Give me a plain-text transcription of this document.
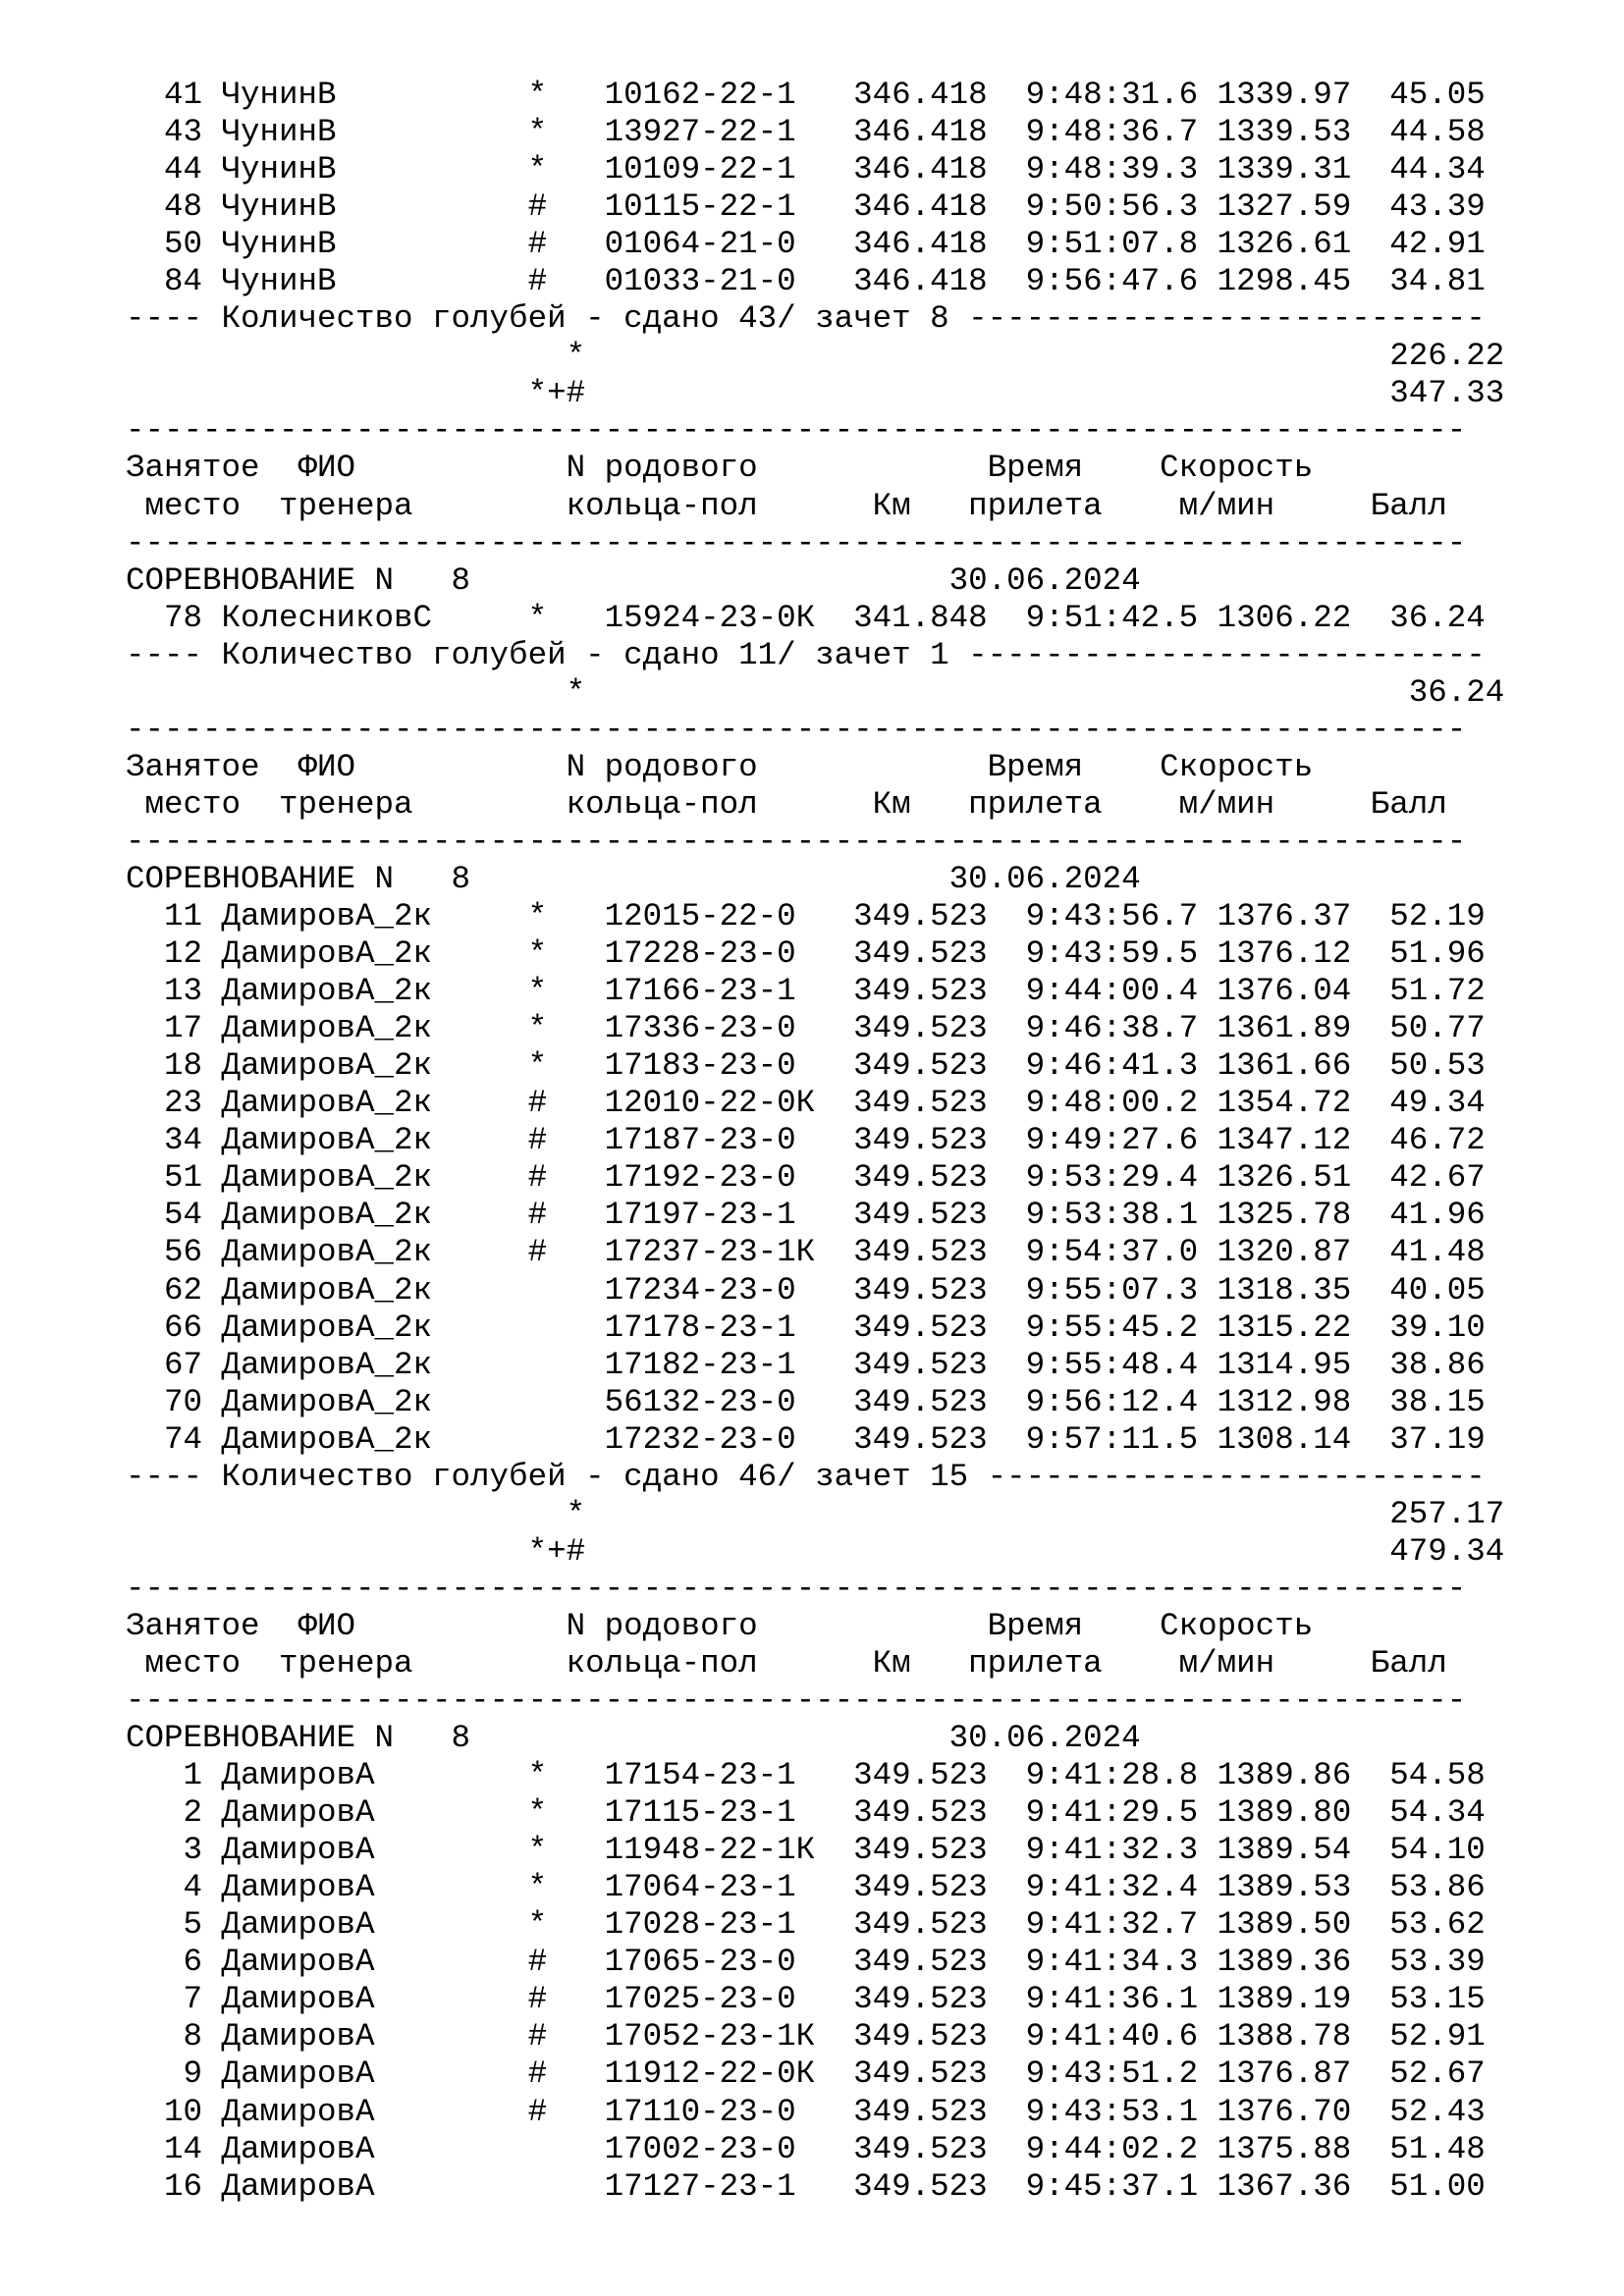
41 ЧунинВ          *   10162-22-1   346.418  9:48:31.6 1339.97  45.05
43 ЧунинВ          *   13927-22-1   346.418  9:48:36.7 1339.53  44.58
44 ЧунинВ          *   10109-22-1   346.418  9:48:39.3 1339.31  44.34
48 ЧунинВ          #   10115-22-1   346.418  9:50:56.3 1327.59  43.39
50 ЧунинВ          #   01064-21-0   346.418  9:51:07.8 1326.61  42.91
84 ЧунинВ          #   01033-21-0   346.418  9:56:47.6 1298.45  34.81
---- Количество голубей - сдано 43/ зачет 8 ---------------------------
*                                          226.22
*+#                                          347.33
----------------------------------------------------------------------
Занятое  ФИО           N родового            Время    Скорость
место  тренера        кольца-пол      Км   прилета    м/мин     Балл
----------------------------------------------------------------------
СОРЕВНОВАНИЕ N   8                         30.06.2024
78 КолесниковС     *   15924-23-0К  341.848  9:51:42.5 1306.22  36.24
---- Количество голубей - сдано 11/ зачет 1 ---------------------------
*                                           36.24
----------------------------------------------------------------------
Занятое  ФИО           N родового            Время    Скорость
место  тренера        кольца-пол      Км   прилета    м/мин     Балл
----------------------------------------------------------------------
СОРЕВНОВАНИЕ N   8                         30.06.2024
11 ДамировА_2к     *   12015-22-0   349.523  9:43:56.7 1376.37  52.19
12 ДамировА_2к     *   17228-23-0   349.523  9:43:59.5 1376.12  51.96
13 ДамировА_2к     *   17166-23-1   349.523  9:44:00.4 1376.04  51.72
17 ДамировА_2к     *   17336-23-0   349.523  9:46:38.7 1361.89  50.77
18 ДамировА_2к     *   17183-23-0   349.523  9:46:41.3 1361.66  50.53
23 ДамировА_2к     #   12010-22-0К  349.523  9:48:00.2 1354.72  49.34
34 ДамировА_2к     #   17187-23-0   349.523  9:49:27.6 1347.12  46.72
51 ДамировА_2к     #   17192-23-0   349.523  9:53:29.4 1326.51  42.67
54 ДамировА_2к     #   17197-23-1   349.523  9:53:38.1 1325.78  41.96
56 ДамировА_2к     #   17237-23-1К  349.523  9:54:37.0 1320.87  41.48
62 ДамировА_2к         17234-23-0   349.523  9:55:07.3 1318.35  40.05
66 ДамировА_2к         17178-23-1   349.523  9:55:45.2 1315.22  39.10
67 ДамировА_2к         17182-23-1   349.523  9:55:48.4 1314.95  38.86
70 ДамировА_2к         56132-23-0   349.523  9:56:12.4 1312.98  38.15
74 ДамировА_2к         17232-23-0   349.523  9:57:11.5 1308.14  37.19
---- Количество голубей - сдано 46/ зачет 15 --------------------------
*                                          257.17
*+#                                          479.34
----------------------------------------------------------------------
Занятое  ФИО           N родового            Время    Скорость
место  тренера        кольца-пол      Км   прилета    м/мин     Балл
----------------------------------------------------------------------
СОРЕВНОВАНИЕ N   8                         30.06.2024
1 ДамировА        *   17154-23-1   349.523  9:41:28.8 1389.86  54.58
2 ДамировА        *   17115-23-1   349.523  9:41:29.5 1389.80  54.34
3 ДамировА        *   11948-22-1К  349.523  9:41:32.3 1389.54  54.10
4 ДамировА        *   17064-23-1   349.523  9:41:32.4 1389.53  53.86
5 ДамировА        *   17028-23-1   349.523  9:41:32.7 1389.50  53.62
6 ДамировА        #   17065-23-0   349.523  9:41:34.3 1389.36  53.39
7 ДамировА        #   17025-23-0   349.523  9:41:36.1 1389.19  53.15
8 ДамировА        #   17052-23-1К  349.523  9:41:40.6 1388.78  52.91
9 ДамировА        #   11912-22-0К  349.523  9:43:51.2 1376.87  52.67
10 ДамировА        #   17110-23-0   349.523  9:43:53.1 1376.70  52.43
14 ДамировА            17002-23-0   349.523  9:44:02.2 1375.88  51.48
16 ДамировА            17127-23-1   349.523  9:45:37.1 1367.36  51.00
